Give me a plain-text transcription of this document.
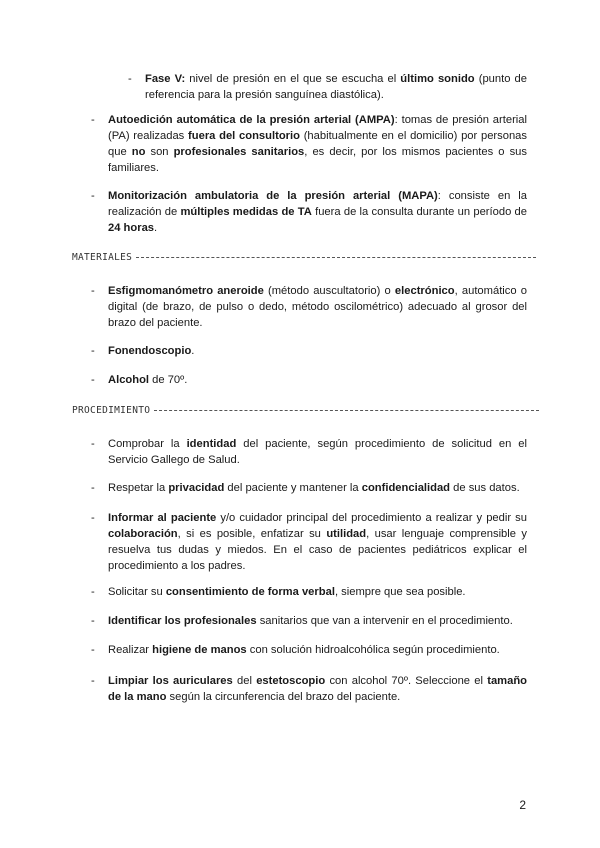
- Fase V: nivel de presión en el que se escucha el último sonido (punto de referencia para la presión sanguínea diastólica).
- Autoedición automática de la presión arterial (AMPA): tomas de presión arterial (PA) realizadas fuera del consultorio (habitualmente en el domicilio) por personas que no son profesionales sanitarios, es decir, por los mismos pacientes o sus familiares.
- Monitorización ambulatoria de la presión arterial (MAPA): consiste en la realización de múltiples medidas de TA fuera de la consulta durante un período de 24 horas.
MATERIALES
- Esfigmomanómetro aneroide (método auscultatorio) o electrónico, automático o digital (de brazo, de pulso o dedo, método oscilométrico) adecuado al grosor del brazo del paciente.
- Fonendoscopio.
- Alcohol de 70º.
PROCEDIMIENTO
- Comprobar la identidad del paciente, según procedimiento de solicitud en el Servicio Gallego de Salud.
- Respetar la privacidad del paciente y mantener la confidencialidad de sus datos.
- Informar al paciente y/o cuidador principal del procedimiento a realizar y pedir su colaboración, si es posible, enfatizar su utilidad, usar lenguaje comprensible y resuelva tus dudas y miedos. En el caso de pacientes pediátricos explicar el procedimiento a los padres.
- Solicitar su consentimiento de forma verbal, siempre que sea posible.
- Identificar los profesionales sanitarios que van a intervenir en el procedimiento.
- Realizar higiene de manos con solución hidroalcohólica según procedimiento.
- Limpiar los auriculares del estetoscopio con alcohol 70º. Seleccione el tamaño de la mano según la circunferencia del brazo del paciente.
2
